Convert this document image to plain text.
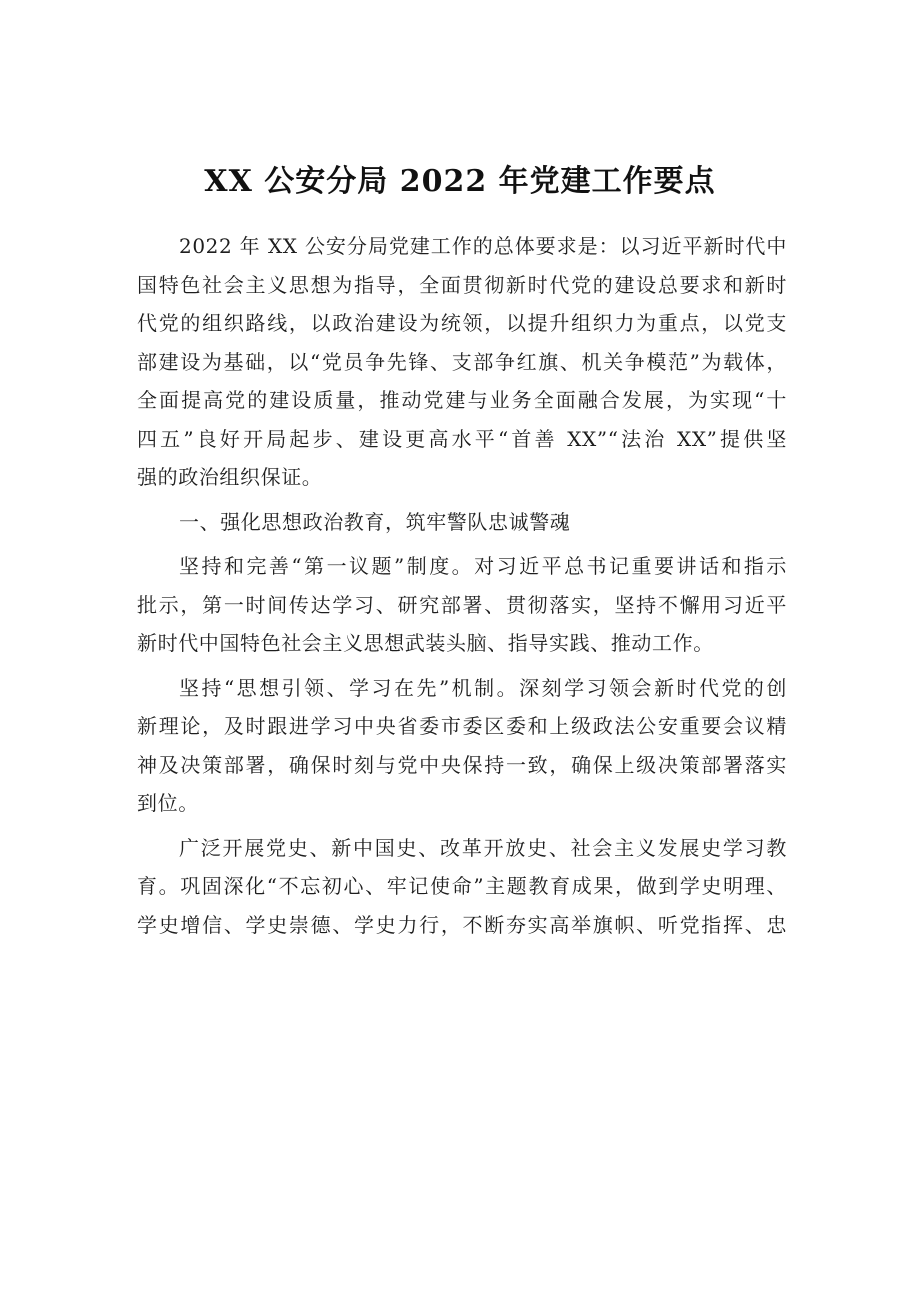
XX 公安分局 2022 年党建工作要点
2022 年 XX 公安分局党建工作的总体要求是：以习近平新时代中
国特色社会主义思想为指导，全面贯彻新时代党的建设总要求和新时
代党的组织路线，以政治建设为统领，以提升组织力为重点，以党支
部建设为基础，以“党员争先锋、支部争红旗、机关争模范”为载体，
全面提高党的建设质量，推动党建与业务全面融合发展，为实现“十
四五”良好开局起步、建设更高水平“首善 XX”“法治 XX”提供坚
强的政治组织保证。
一、强化思想政治教育，筑牢警队忠诚警魂
坚持和完善“第一议题”制度。对习近平总书记重要讲话和指示
批示，第一时间传达学习、研究部署、贯彻落实，坚持不懈用习近平
新时代中国特色社会主义思想武装头脑、指导实践、推动工作。
坚持“思想引领、学习在先”机制。深刻学习领会新时代党的创
新理论，及时跟进学习中央省委市委区委和上级政法公安重要会议精
神及决策部署，确保时刻与党中央保持一致，确保上级决策部署落实
到位。
广泛开展党史、新中国史、改革开放史、社会主义发展史学习教
育。巩固深化“不忘初心、牢记使命”主题教育成果，做到学史明理、
学史增信、学史崇德、学史力行，不断夯实高举旗帜、听党指挥、忠
